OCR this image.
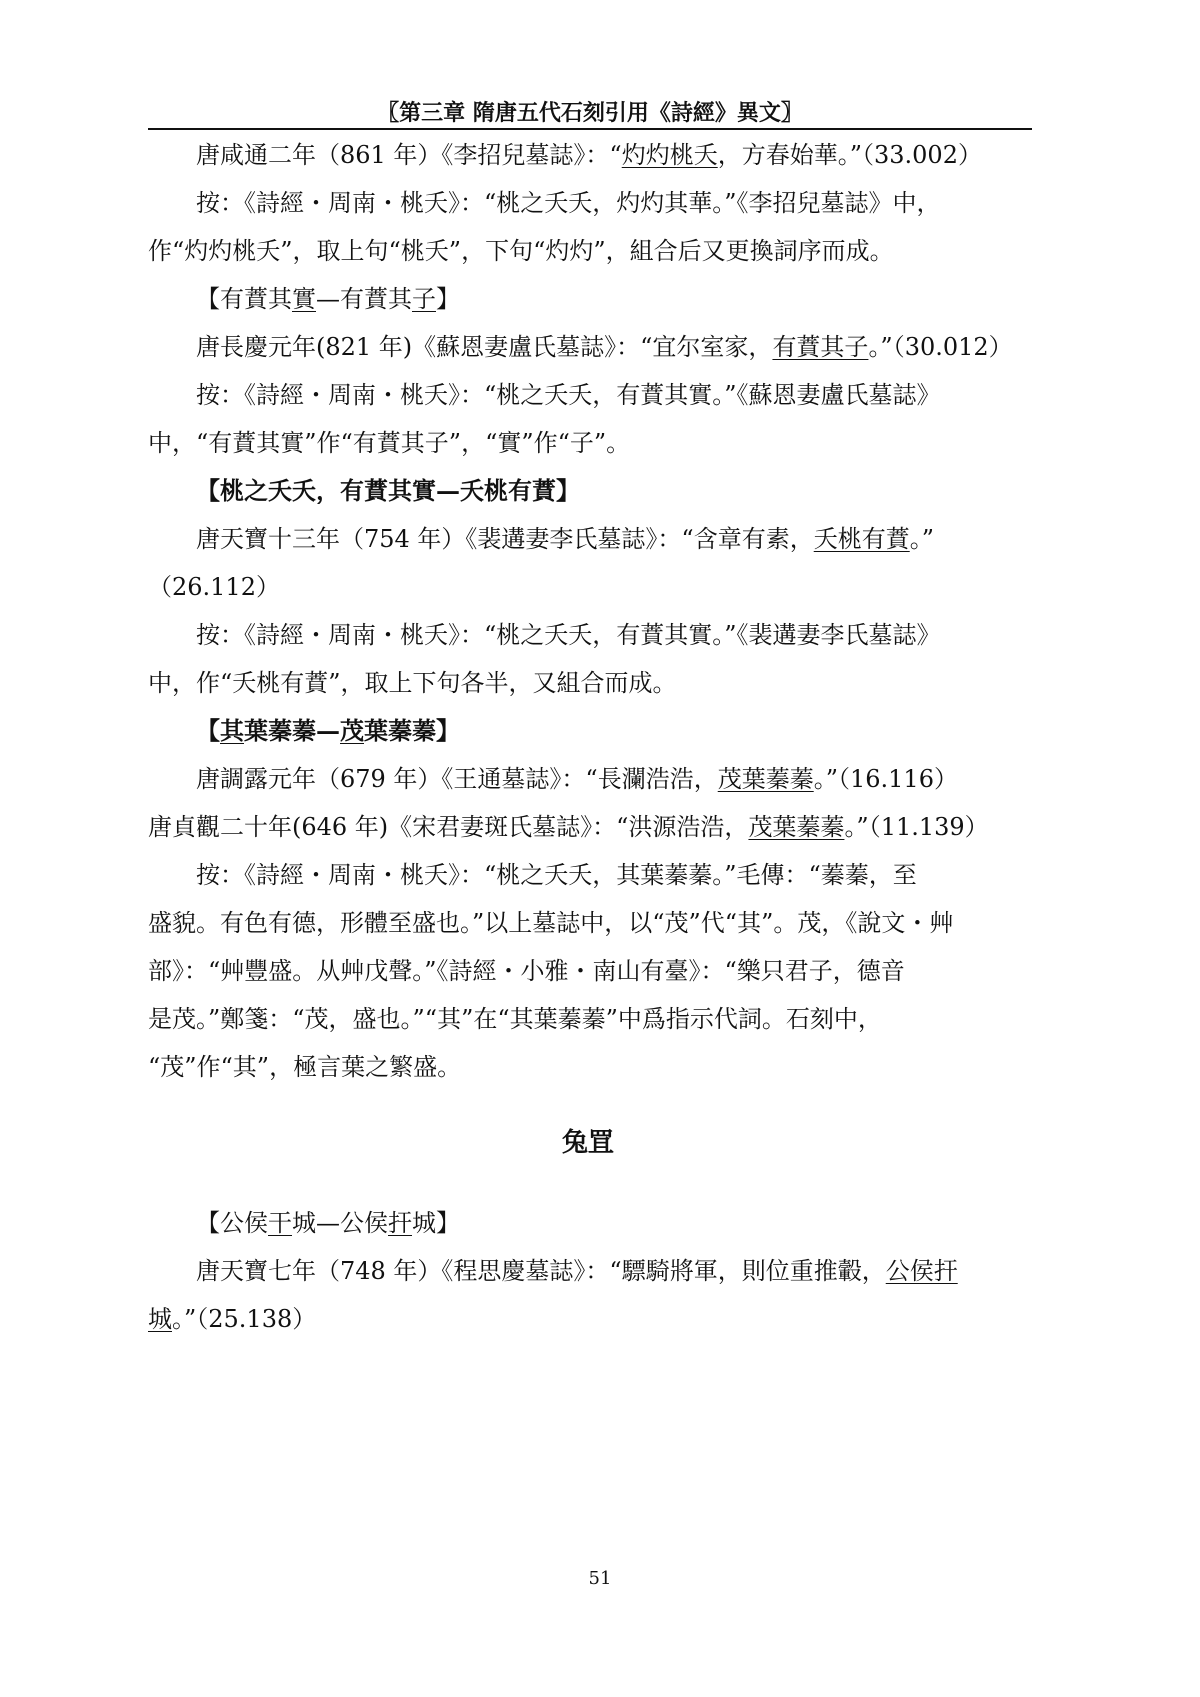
〖第三章 隋唐五代石刻引用《詩經》異文〗
唐咸通二年（861 年）《李招兒墓誌》：“灼灼桃夭，方春始華。”（33.002）
按：《詩經・周南・桃夭》：“桃之夭夭，灼灼其華。”《李招兒墓誌》中，
作“灼灼桃夭”，取上句“桃夭”，下句“灼灼”，組合后又更換詞序而成。
【有蕡其實—有蕡其子】
唐長慶元年(821 年)《蘇恩妻盧氏墓誌》：“宜尔室家，有蕡其子。”（30.012）
按：《詩經・周南・桃夭》：“桃之夭夭，有蕡其實。”《蘇恩妻盧氏墓誌》
中，“有蕡其實”作“有蕡其子”，“實”作“子”。
【桃之夭夭，有蕡其實—夭桃有蕡】
唐天寶十三年（754 年）《裴遘妻李氏墓誌》：“含章有素，夭桃有蕡。”
（26.112）
按：《詩經・周南・桃夭》：“桃之夭夭，有蕡其實。”《裴遘妻李氏墓誌》
中，作“夭桃有蕡”，取上下句各半，又組合而成。
【其葉蓁蓁—茂葉蓁蓁】
唐調露元年（679 年）《王通墓誌》：“長瀾浩浩，茂葉蓁蓁。”（16.116）
唐貞觀二十年(646 年)《宋君妻斑氏墓誌》：“洪源浩浩，茂葉蓁蓁。”（11.139）
按：《詩經・周南・桃夭》：“桃之夭夭，其葉蓁蓁。”毛傳：“蓁蓁，至
盛貌。有色有德，形體至盛也。”以上墓誌中，以“茂”代“其”。茂，《說文・艸
部》：“艸豐盛。从艸戊聲。”《詩經・小雅・南山有臺》：“樂只君子，德音
是茂。”鄭箋：“茂，盛也。”“其”在“其葉蓁蓁”中爲指示代詞。石刻中，
“茂”作“其”，極言葉之繁盛。
兔罝
【公侯干城—公侯扞城】
唐天寶七年（748 年）《程思慶墓誌》：“驃騎將軍，則位重推轂，公侯扞
城。”（25.138）
51
